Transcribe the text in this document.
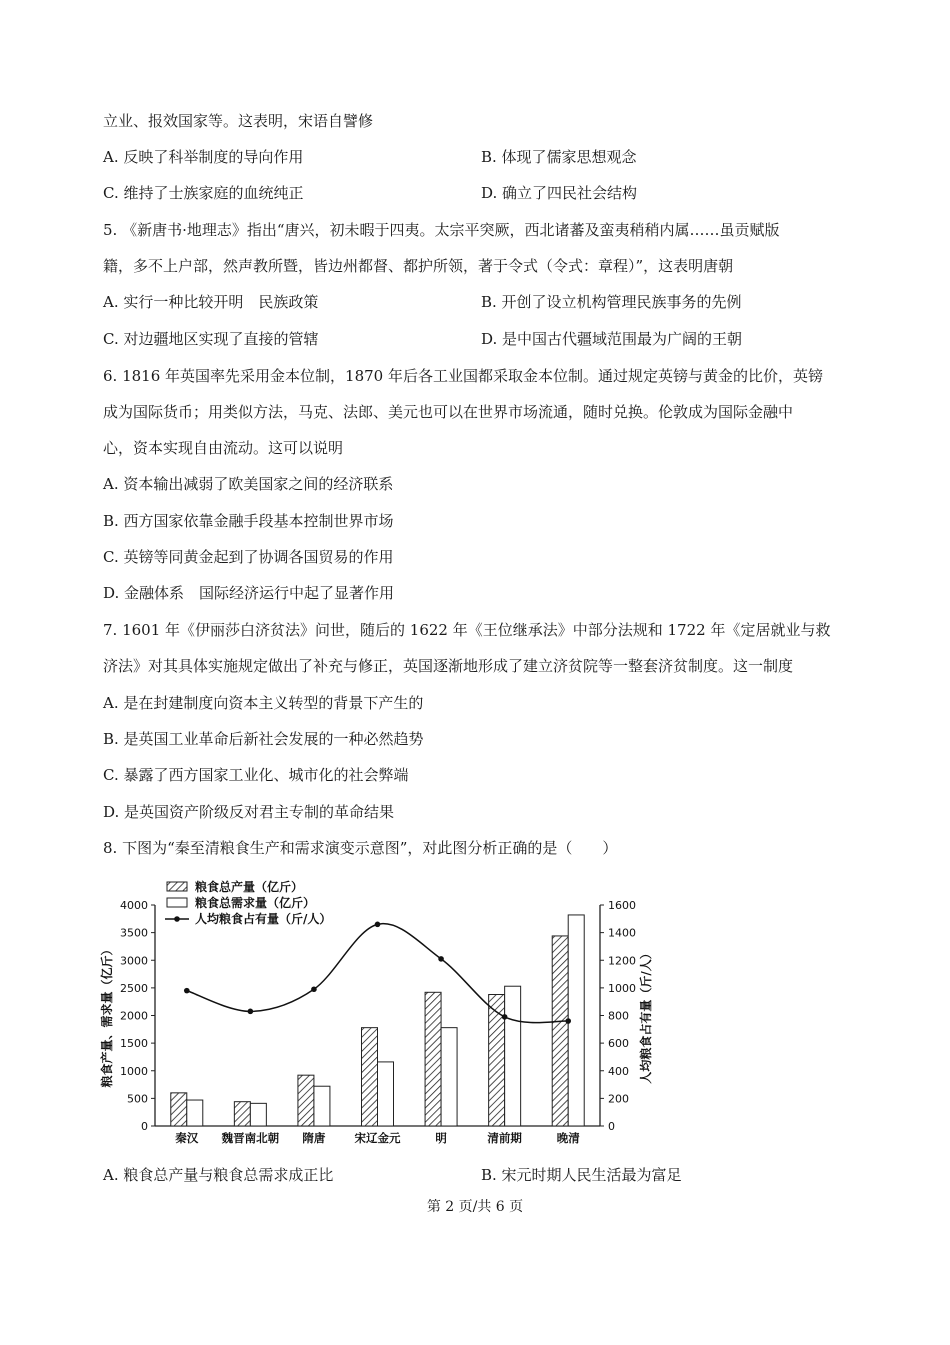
立业、报效国家等。这表明，宋语自譬修
A. 反映了科举制度的导向作用	B. 体现了儒家思想观念
C. 维持了士族家庭的血统纯正	D. 确立了四民社会结构
5. 《新唐书·地理志》指出“唐兴，初未暇于四夷。太宗平突厥，西北诸蕃及蛮夷稍稍内属……虽贡赋版
籍，多不上户部，然声教所暨，皆边州都督、都护所领，著于令式（令式：章程）”，这表明唐朝
A. 实行一种比较开明　民族政策	B. 开创了设立机构管理民族事务的先例
C. 对边疆地区实现了直接的管辖	D. 是中国古代疆域范围最为广阔的王朝
6. 1816 年英国率先采用金本位制，1870 年后各工业国都采取金本位制。通过规定英镑与黄金的比价，英镑
成为国际货币；用类似方法，马克、法郎、美元也可以在世界市场流通，随时兑换。伦敦成为国际金融中
心，资本实现自由流动。这可以说明
A. 资本输出减弱了欧美国家之间的经济联系
B. 西方国家依靠金融手段基本控制世界市场
C. 英镑等同黄金起到了协调各国贸易的作用
D. 金融体系　国际经济运行中起了显著作用
7. 1601 年《伊丽莎白济贫法》问世，随后的 1622 年《王位继承法》中部分法规和 1722 年《定居就业与救
济法》对其具体实施规定做出了补充与修正，英国逐渐地形成了建立济贫院等一整套济贫制度。这一制度
A. 是在封建制度向资本主义转型的背景下产生的
B. 是英国工业革命后新社会发展的一种必然趋势
C. 暴露了西方国家工业化、城市化的社会弊端
D. 是英国资产阶级反对君主专制的革命结果
8. 下图为“秦至清粮食生产和需求演变示意图”，对此图分析正确的是（　　）
粮食总产量（亿斤）
粮食总需求量（亿斤）
人均粮食占有量（斤/人）
0
500
1000
1500
2000
2500
3000
3500
4000
0
200
400
600
800
1000
1200
1400
1600
粮食产量、需求量（亿斤）	人均粮食占有量（斤/人）
秦汉 魏晋南北朝 隋唐	宋辽金元	明	清前期	晚清
A. 粮食总产量与粮食总需求成正比	B. 宋元时期人民生活最为富足
第 2 页/共 6 页
